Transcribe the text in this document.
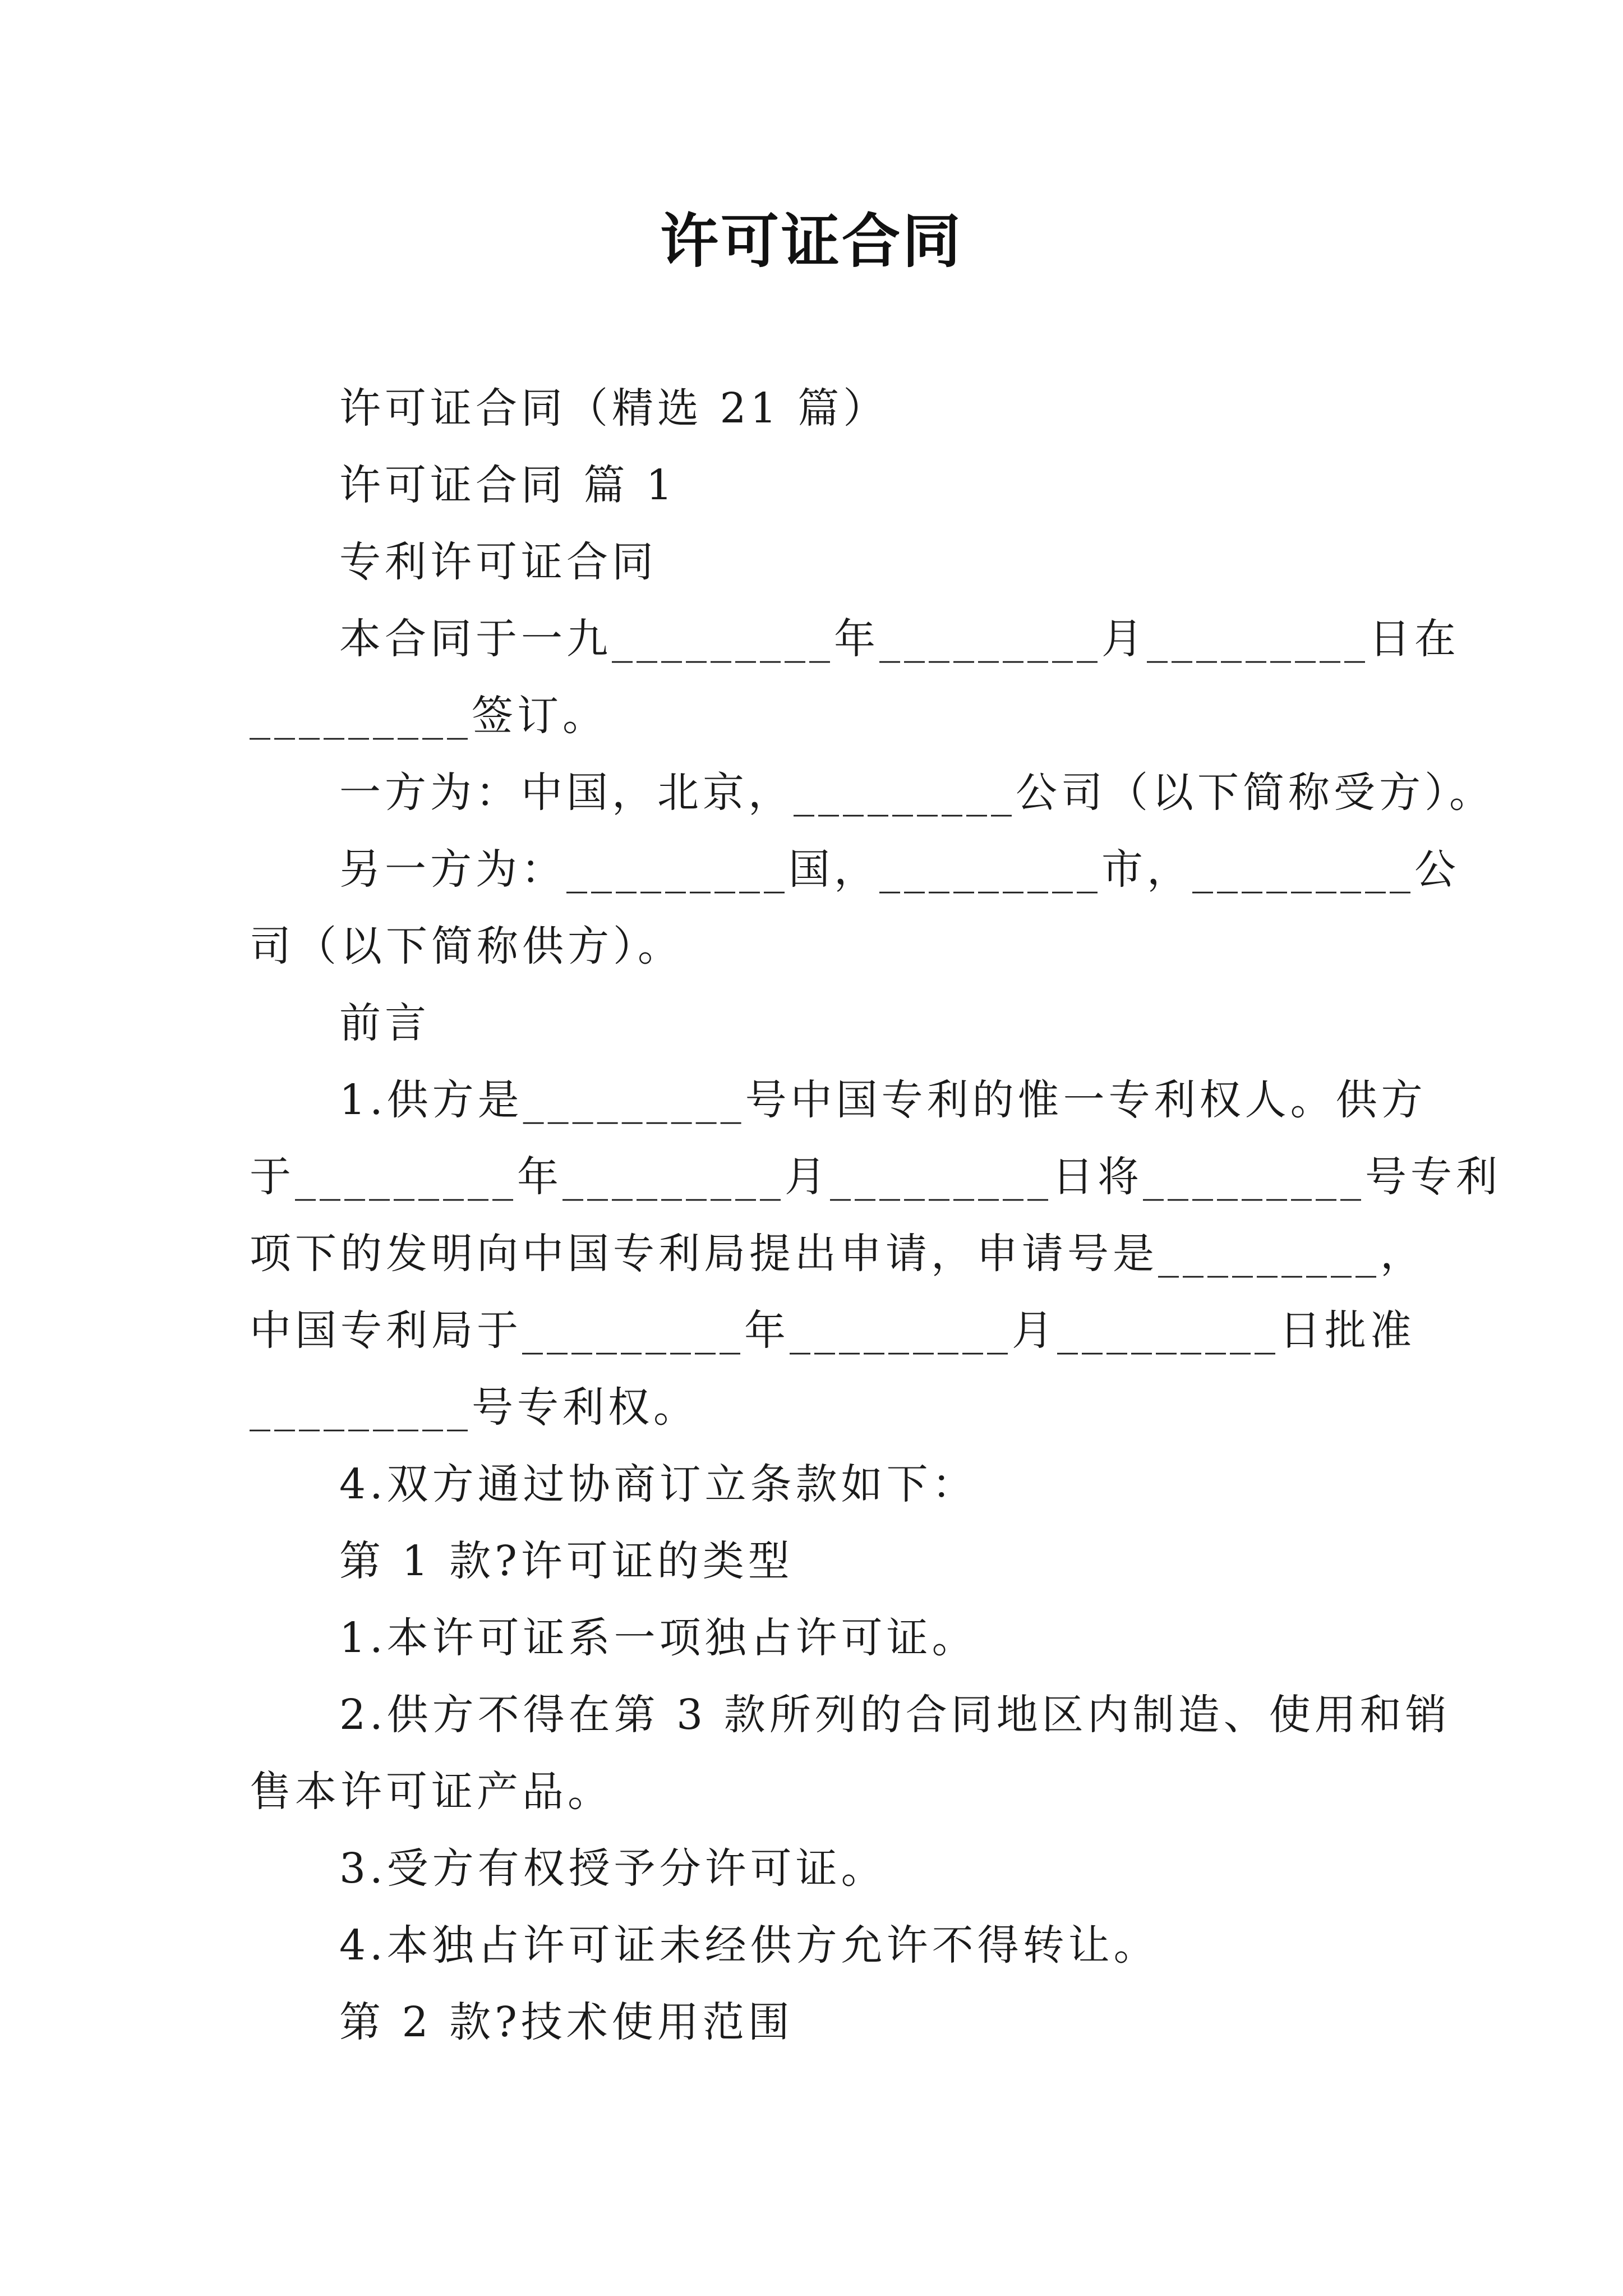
许可证合同
许可证合同（精选 21 篇）
许可证合同 篇 1
专利许可证合同
本合同于一九_________年_________月_________日在
_________签订。
一方为：中国，北京，_________公司（以下简称受方）。
另一方为：_________国，_________市，_________公
司（以下简称供方）。
前言
1.供方是_________号中国专利的惟一专利权人。供方
于_________年_________月_________日将_________号专利
项下的发明向中国专利局提出申请，申请号是_________，
中国专利局于_________年_________月_________日批准
_________号专利权。
4.双方通过协商订立条款如下：
第 1 款?许可证的类型
1.本许可证系一项独占许可证。
2.供方不得在第 3 款所列的合同地区内制造、使用和销
售本许可证产品。
3.受方有权授予分许可证。
4.本独占许可证未经供方允许不得转让。
第 2 款?技术使用范围
